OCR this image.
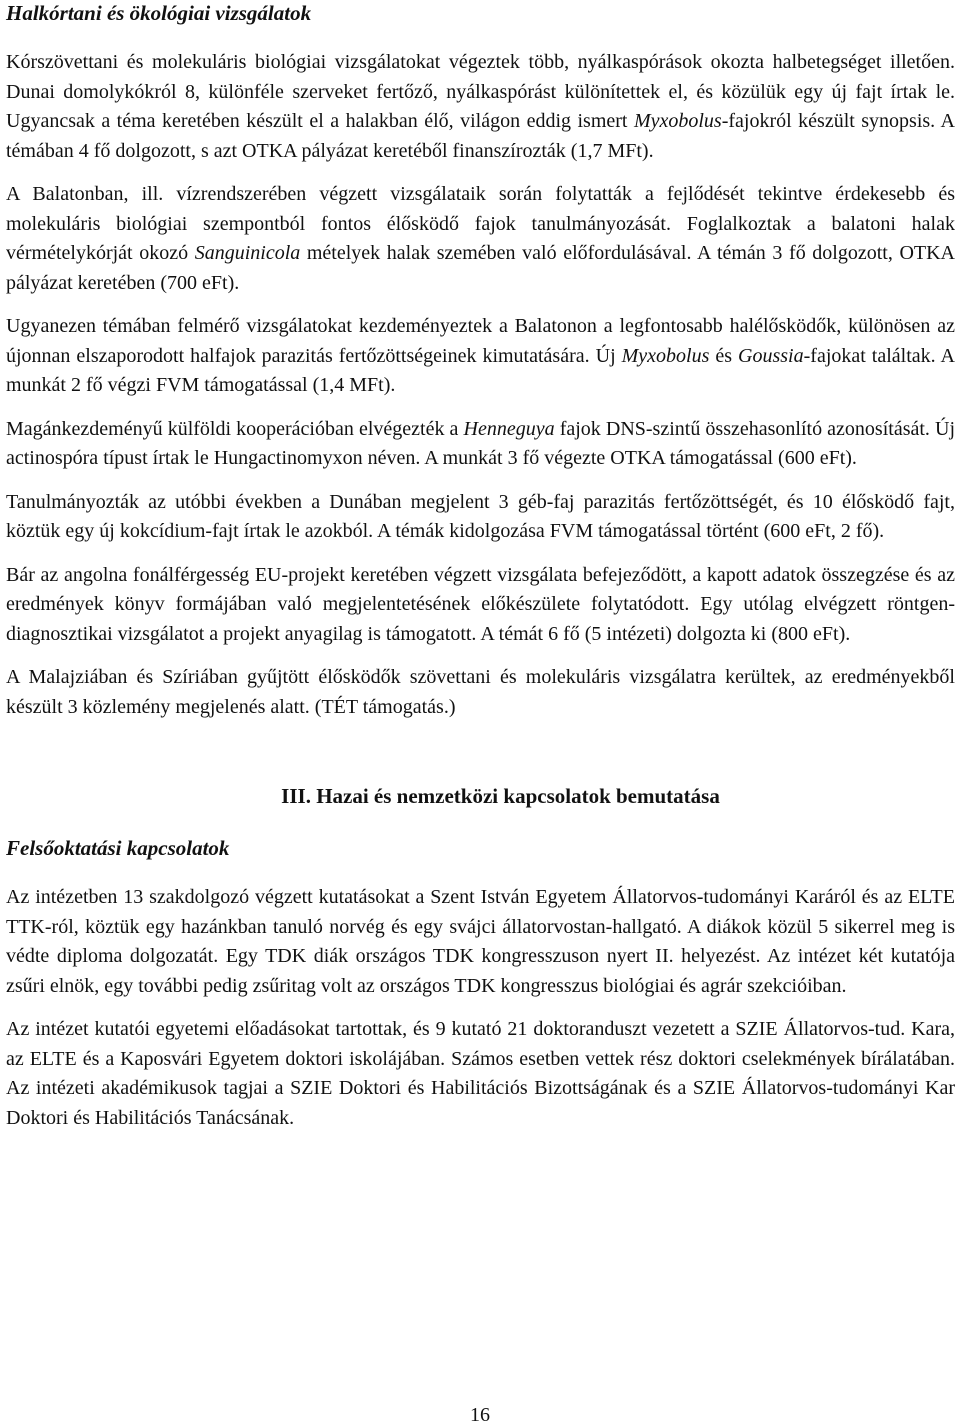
Halkórtani és ökológiai vizsgálatok

Kórszövettani és molekuláris biológiai vizsgálatokat végeztek több, nyálkaspórások okozta halbetegséget illetően. Dunai domolykókról 8, különféle szerveket fertőző, nyálkaspórást különítettek el, és közülük egy új fajt írtak le. Ugyancsak a téma keretében készült el a halakban élő, világon eddig ismert Myxobolus-fajokról készült synopsis. A témában 4 fő dolgozott, s azt OTKA pályázat keretéből finanszírozták (1,7 MFt).

A Balatonban, ill. vízrendszerében végzett vizsgálataik során folytatták a fejlődését tekintve érdekesebb és molekuláris biológiai szempontból fontos élősködő fajok tanulmányozását. Foglalkoztak a balatoni halak vérmételykórját okozó Sanguinicola mételyek halak szemében való előfordulásával. A témán 3 fő dolgozott, OTKA pályázat keretében (700 eFt).

Ugyanezen témában felmérő vizsgálatokat kezdeményeztek a Balatonon a legfontosabb halélősködők, különösen az újonnan elszaporodott halfajok parazitás fertőzöttségeinek kimutatására. Új Myxobolus és Goussia-fajokat találtak. A munkát 2 fő végzi FVM támogatással (1,4 MFt).

Magánkezdeményű külföldi kooperációban elvégezték a Henneguya fajok DNS-szintű összehasonlító azonosítását. Új actinospóra típust írtak le Hungactinomyxon néven. A munkát 3 fő végezte OTKA támogatással (600 eFt).

Tanulmányozták az utóbbi években a Dunában megjelent 3 géb-faj parazitás fertőzöttségét, és 10 élősködő fajt, köztük egy új kokcídium-fajt írtak le azokból. A témák kidolgozása FVM támogatással történt (600 eFt, 2 fő).

Bár az angolna fonálférgesség EU-projekt keretében végzett vizsgálata befejeződött, a kapott adatok összegzése és az eredmények könyv formájában való megjelentetésének előkészülete folytatódott. Egy utólag elvégzett röntgen-diagnosztikai vizsgálatot a projekt anyagilag is támogatott. A témát 6 fő (5 intézeti) dolgozta ki (800 eFt).

A Malajziában és Szíriában gyűjtött élősködők szövettani és molekuláris vizsgálatra kerültek, az eredményekből készült 3 közlemény megjelenés alatt. (TÉT támogatás.)

III. Hazai és nemzetközi kapcsolatok bemutatása
Felsőoktatási kapcsolatok

Az intézetben 13 szakdolgozó végzett kutatásokat a Szent István Egyetem Állatorvos-tudományi Karáról és az ELTE TTK-ról, köztük egy hazánkban tanuló norvég és egy svájci állatorvostan-hallgató. A diákok közül 5 sikerrel meg is védte diploma dolgozatát. Egy TDK diák országos TDK kongresszuson nyert II. helyezést. Az intézet két kutatója zsűri elnök, egy további pedig zsűritag volt az országos TDK kongresszus biológiai és agrár szekcióiban.

Az intézet kutatói egyetemi előadásokat tartottak, és 9 kutató 21 doktoranduszt vezetett a SZIE Állatorvos-tud. Kara, az ELTE és a Kaposvári Egyetem doktori iskolájában. Számos esetben vettek rész doktori cselekmények bírálatában. Az intézeti akadémikusok tagjai a SZIE Doktori és Habilitációs Bizottságának és a SZIE Állatorvos-tudományi Kar Doktori és Habilitációs Tanácsának.

16
